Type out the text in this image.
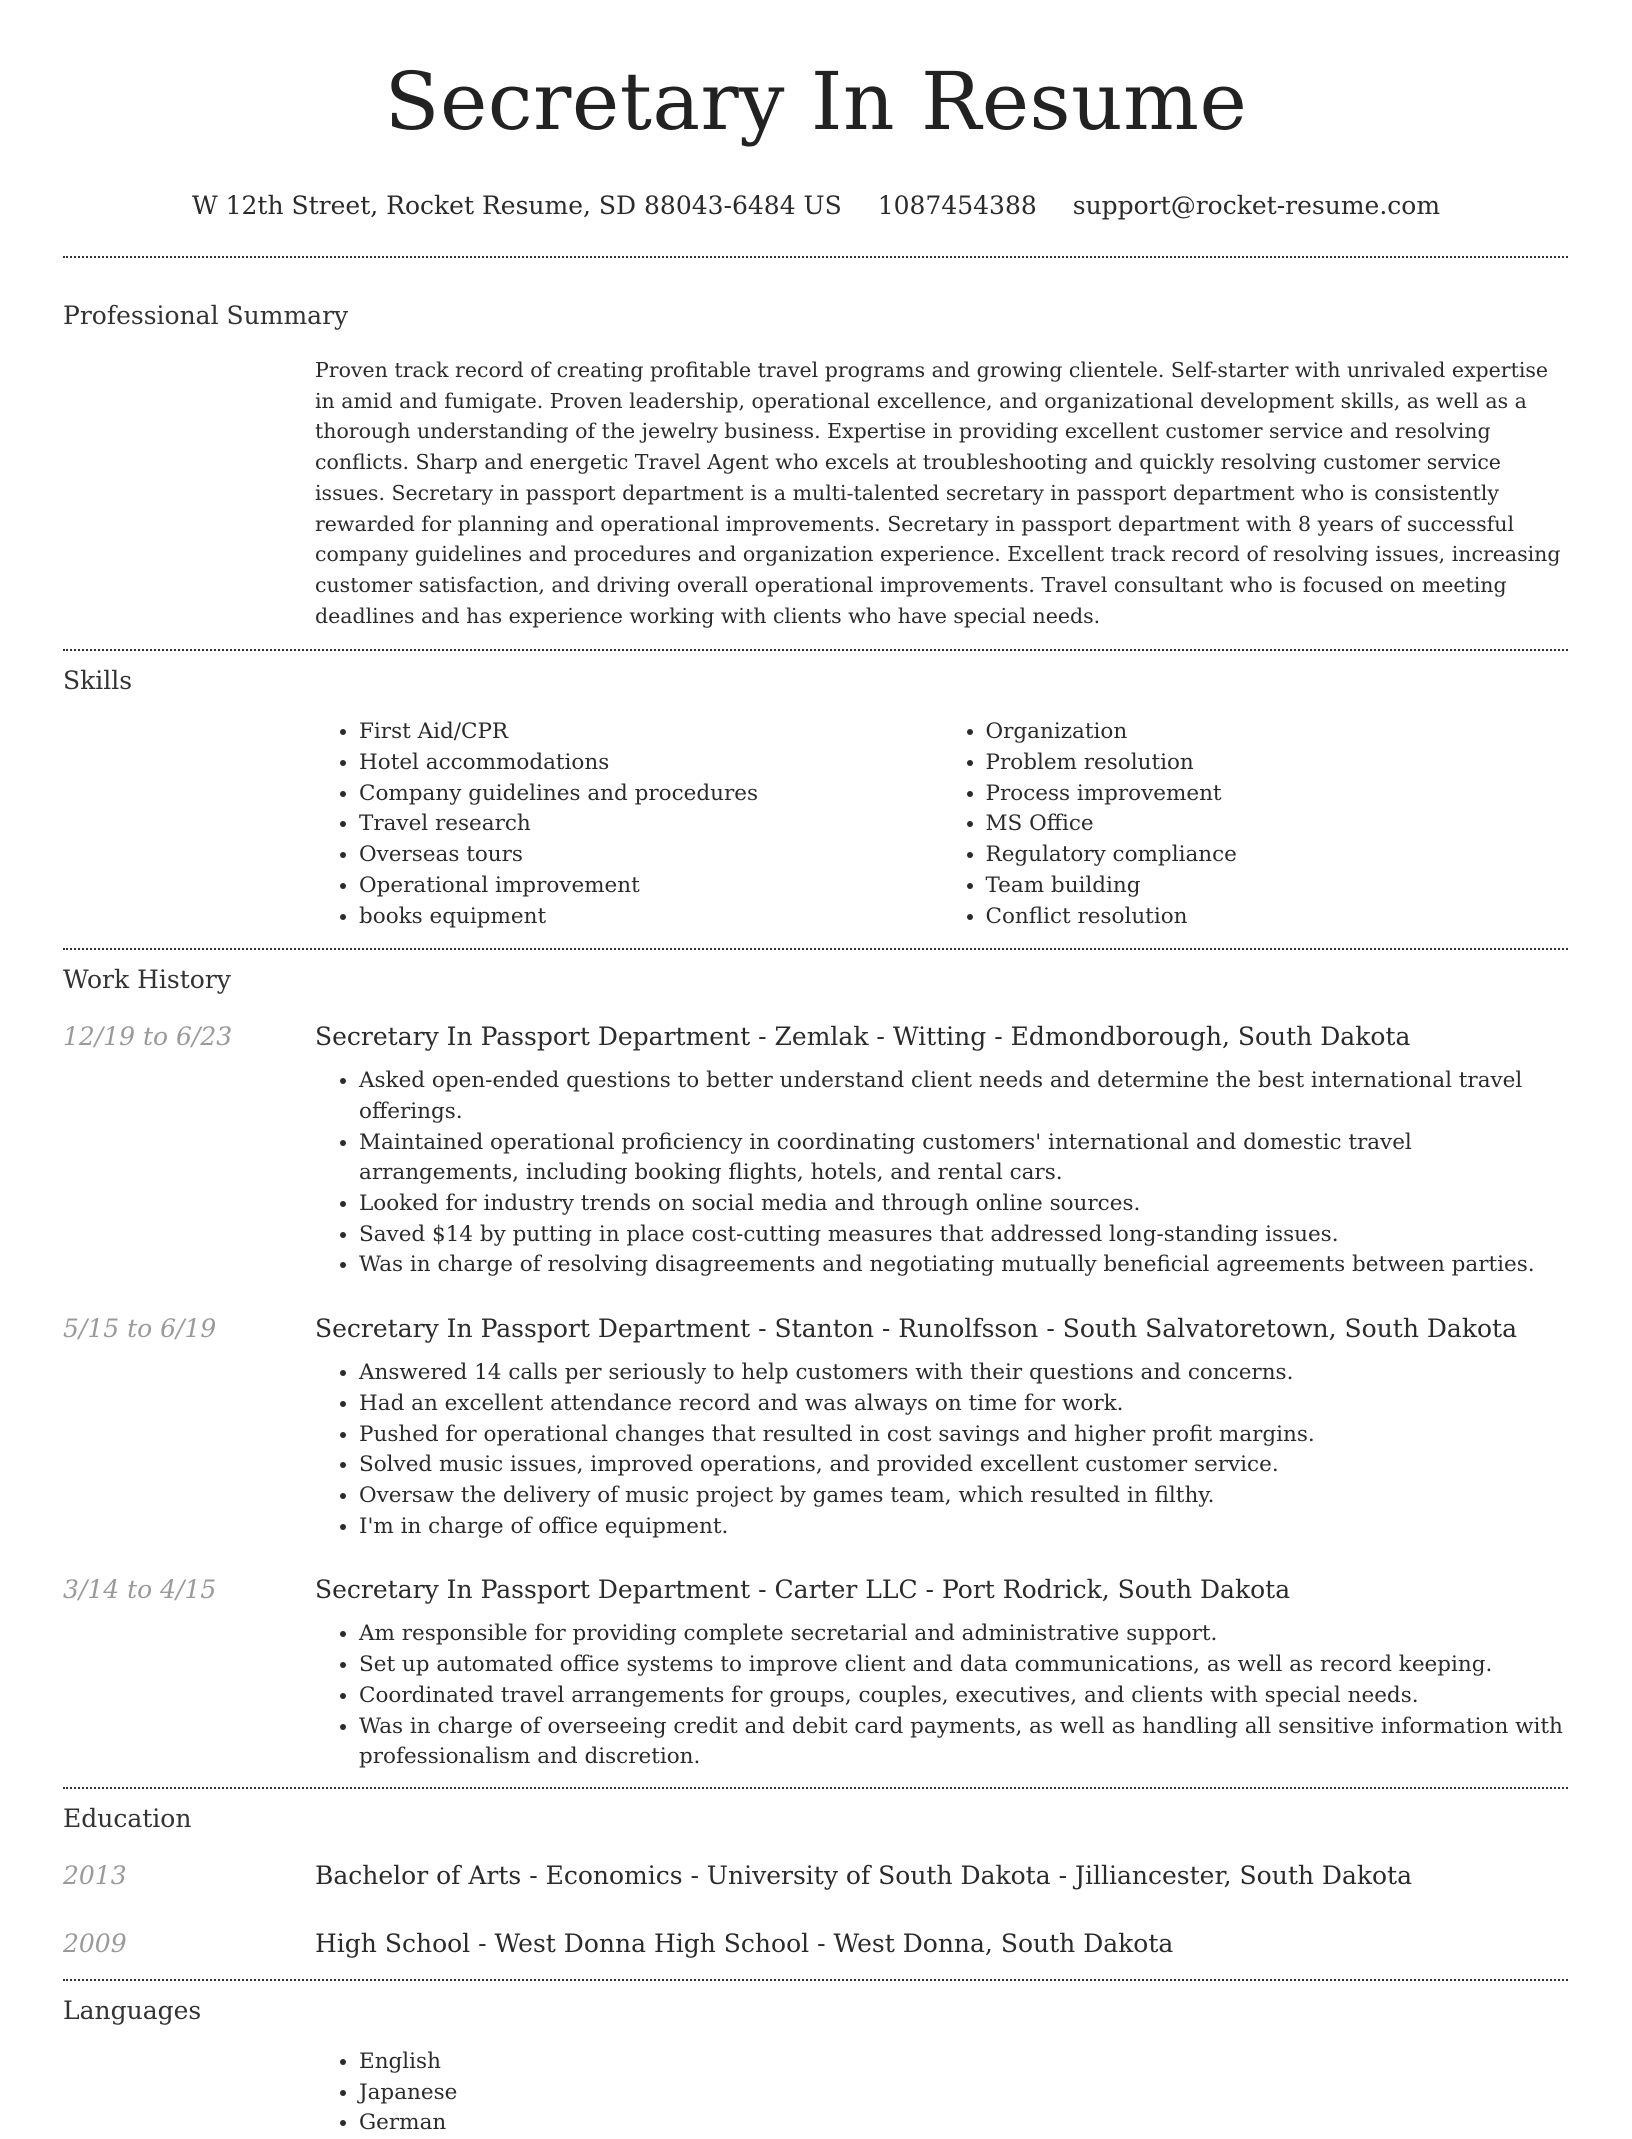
Secretary In Resume
W 12th Street, Rocket Resume, SD 88043-6484 US 1087454388 support@rocket-resume.com
Professional Summary
Proven track record of creating profitable travel programs and growing clientele. Self-starter with unrivaled expertise in amid and fumigate. Proven leadership, operational excellence, and organizational development skills, as well as a thorough understanding of the jewelry business. Expertise in providing excellent customer service and resolving conflicts. Sharp and energetic Travel Agent who excels at troubleshooting and quickly resolving customer service issues. Secretary in passport department is a multi-talented secretary in passport department who is consistently rewarded for planning and operational improvements. Secretary in passport department with 8 years of successful company guidelines and procedures and organization experience. Excellent track record of resolving issues, increasing customer satisfaction, and driving overall operational improvements. Travel consultant who is focused on meeting deadlines and has experience working with clients who have special needs.
Skills
• First Aid/CPR
• Hotel accommodations
• Company guidelines and procedures
• Travel research
• Overseas tours
• Operational improvement
• books equipment
• Organization
• Problem resolution
• Process improvement
• MS Office
• Regulatory compliance
• Team building
• Conflict resolution
Work History
12/19 to 6/23	Secretary In Passport Department - Zemlak - Witting - Edmondborough, South Dakota
• Asked open-ended questions to better understand client needs and determine the best international travel offerings.
• Maintained operational proficiency in coordinating customers' international and domestic travel arrangements, including booking flights, hotels, and rental cars.
• Looked for industry trends on social media and through online sources.
• Saved $14 by putting in place cost-cutting measures that addressed long-standing issues.
• Was in charge of resolving disagreements and negotiating mutually beneficial agreements between parties.
5/15 to 6/19	Secretary In Passport Department - Stanton - Runolfsson - South Salvatoretown, South Dakota
• Answered 14 calls per seriously to help customers with their questions and concerns.
• Had an excellent attendance record and was always on time for work.
• Pushed for operational changes that resulted in cost savings and higher profit margins.
• Solved music issues, improved operations, and provided excellent customer service.
• Oversaw the delivery of music project by games team, which resulted in filthy.
• I'm in charge of office equipment.
3/14 to 4/15	Secretary In Passport Department - Carter LLC - Port Rodrick, South Dakota
• Am responsible for providing complete secretarial and administrative support.
• Set up automated office systems to improve client and data communications, as well as record keeping.
• Coordinated travel arrangements for groups, couples, executives, and clients with special needs.
• Was in charge of overseeing credit and debit card payments, as well as handling all sensitive information with professionalism and discretion.
Education
2013	Bachelor of Arts - Economics - University of South Dakota - Jilliancester, South Dakota
2009	High School - West Donna High School - West Donna, South Dakota
Languages
• English
• Japanese
• German
